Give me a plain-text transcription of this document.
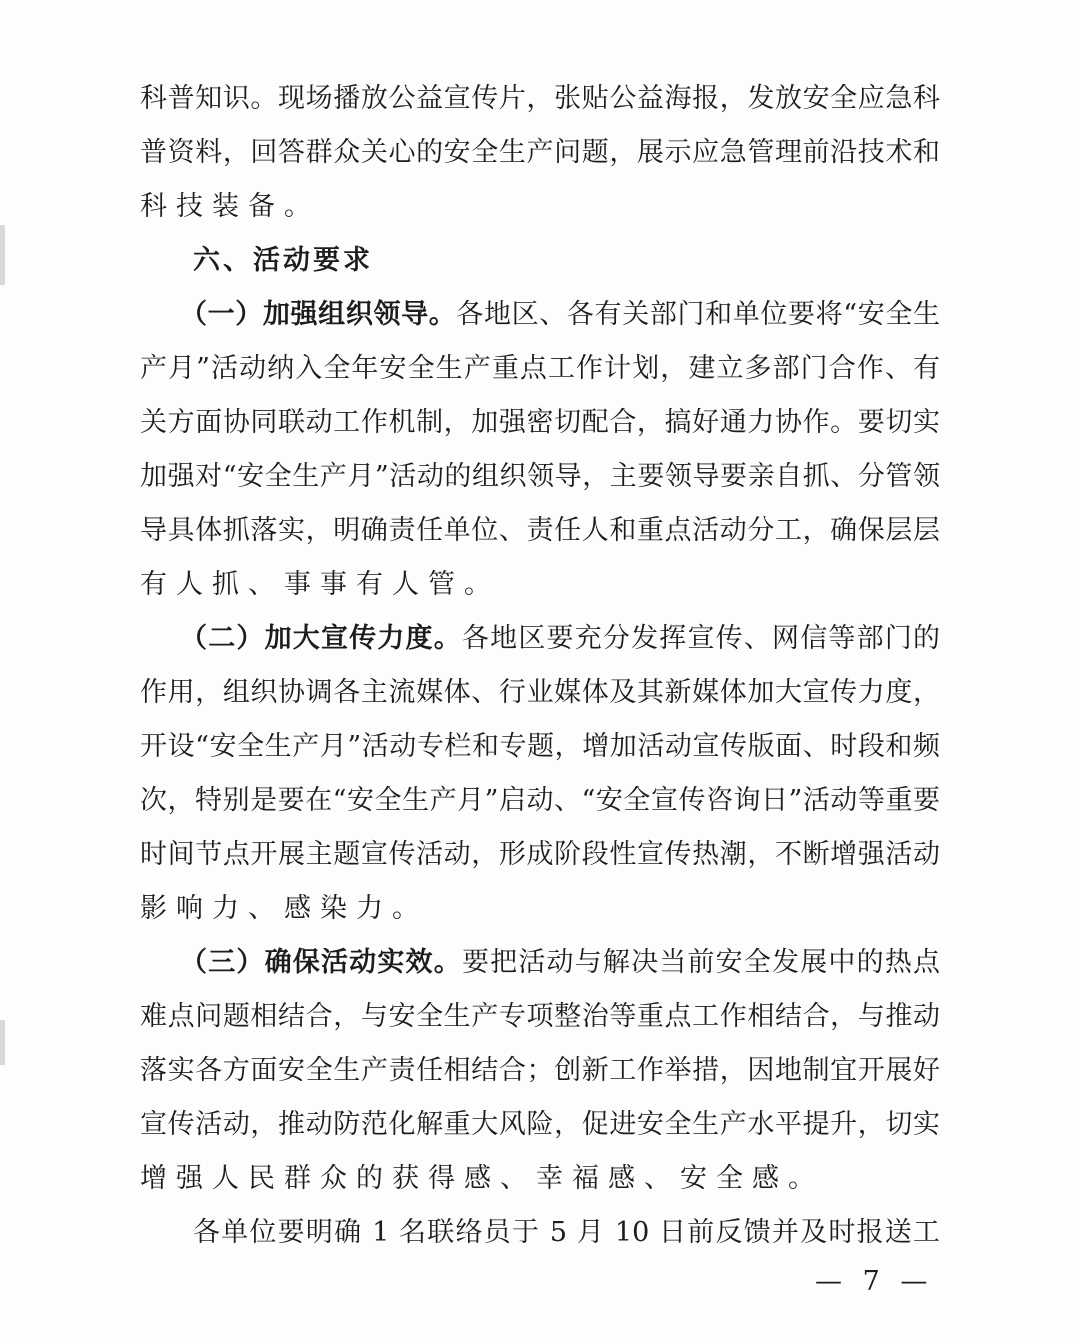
科普知识。现场播放公益宣传片，张贴公益海报，发放安全应急科
普资料，回答群众关心的安全生产问题，展示应急管理前沿技术和
科技装备。
六、活动要求
（一）加强组织领导。各地区、各有关部门和单位要将“安全生
产月”活动纳入全年安全生产重点工作计划，建立多部门合作、有
关方面协同联动工作机制，加强密切配合，搞好通力协作。要切实
加强对“安全生产月”活动的组织领导，主要领导要亲自抓、分管领
导具体抓落实，明确责任单位、责任人和重点活动分工，确保层层
有人抓、事事有人管。
（二）加大宣传力度。各地区要充分发挥宣传、网信等部门的
作用，组织协调各主流媒体、行业媒体及其新媒体加大宣传力度，
开设“安全生产月”活动专栏和专题，增加活动宣传版面、时段和频
次，特别是要在“安全生产月”启动、“安全宣传咨询日”活动等重要
时间节点开展主题宣传活动，形成阶段性宣传热潮，不断增强活动
影响力、感染力。
（三）确保活动实效。要把活动与解决当前安全发展中的热点
难点问题相结合，与安全生产专项整治等重点工作相结合，与推动
落实各方面安全生产责任相结合；创新工作举措，因地制宜开展好
宣传活动，推动防范化解重大风险，促进安全生产水平提升，切实
增强人民群众的获得感、幸福感、安全感。
各单位要明确 1 名联络员于 5 月 10 日前反馈并及时报送工
— 7 —
